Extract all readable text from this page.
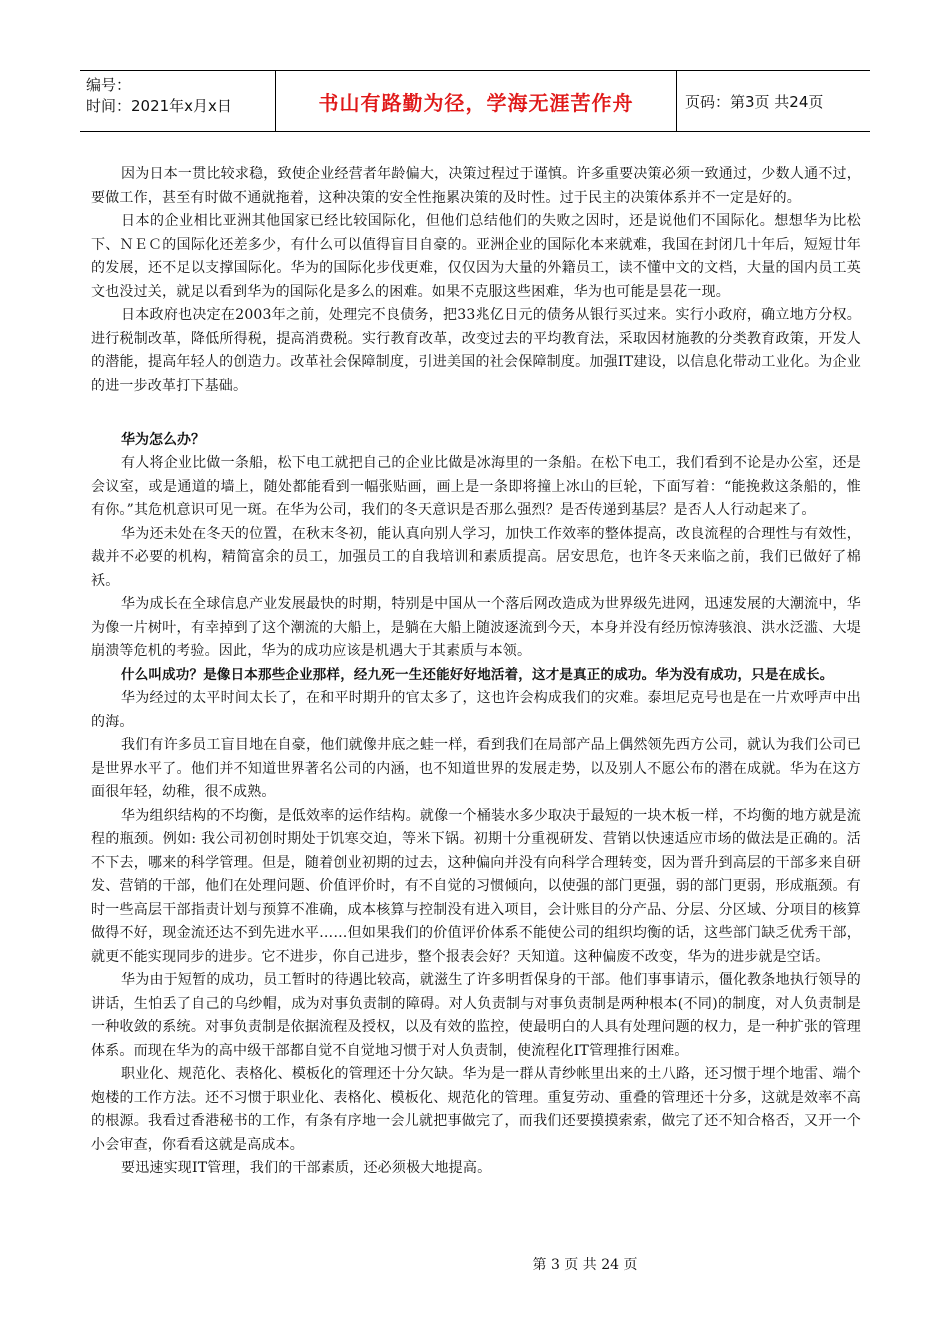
编号：
时间：2021年x月x日	书山有路勤为径，学海无涯苦作舟	页码：第3页 共24页

因为日本一贯比较求稳，致使企业经营者年龄偏大，决策过程过于谨慎。许多重要决策必须一致通过，少数人通不过，要做工作，甚至有时做不通就拖着，这种决策的安全性拖累决策的及时性。过于民主的决策体系并不一定是好的。

日本的企业相比亚洲其他国家已经比较国际化，但他们总结他们的失败之因时，还是说他们不国际化。想想华为比松下、ＮＥＣ的国际化还差多少，有什么可以值得盲目自豪的。亚洲企业的国际化本来就难，我国在封闭几十年后，短短廿年的发展，还不足以支撑国际化。华为的国际化步伐更难，仅仅因为大量的外籍员工，读不懂中文的文档，大量的国内员工英文也没过关，就足以看到华为的国际化是多么的困难。如果不克服这些困难，华为也可能是昙花一现。

日本政府也决定在2003年之前，处理完不良债务，把33兆亿日元的债务从银行买过来。实行小政府，确立地方分权。进行税制改革，降低所得税，提高消费税。实行教育改革，改变过去的平均教育法，采取因材施教的分类教育政策，开发人的潜能，提高年轻人的创造力。改革社会保障制度，引进美国的社会保障制度。加强IT建设，以信息化带动工业化。为企业的进一步改革打下基础。

华为怎么办？

有人将企业比做一条船，松下电工就把自己的企业比做是冰海里的一条船。在松下电工，我们看到不论是办公室，还是会议室，或是通道的墙上，随处都能看到一幅张贴画，画上是一条即将撞上冰山的巨轮，下面写着：“能挽救这条船的，惟有你。”其危机意识可见一斑。在华为公司，我们的冬天意识是否那么强烈？是否传递到基层？是否人人行动起来了。

华为还未处在冬天的位置，在秋末冬初，能认真向别人学习，加快工作效率的整体提高，改良流程的合理性与有效性，裁并不必要的机构，精简富余的员工，加强员工的自我培训和素质提高。居安思危，也许冬天来临之前，我们已做好了棉袄。

华为成长在全球信息产业发展最快的时期，特别是中国从一个落后网改造成为世界级先进网，迅速发展的大潮流中，华为像一片树叶，有幸掉到了这个潮流的大船上，是躺在大船上随波逐流到今天，本身并没有经历惊涛骇浪、洪水泛滥、大堤崩溃等危机的考验。因此，华为的成功应该是机遇大于其素质与本领。

什么叫成功？是像日本那些企业那样，经九死一生还能好好地活着，这才是真正的成功。华为没有成功，只是在成长。

华为经过的太平时间太长了，在和平时期升的官太多了，这也许会构成我们的灾难。泰坦尼克号也是在一片欢呼声中出的海。

我们有许多员工盲目地在自豪，他们就像井底之蛙一样，看到我们在局部产品上偶然领先西方公司，就认为我们公司已是世界水平了。他们并不知道世界著名公司的内涵，也不知道世界的发展走势，以及别人不愿公布的潜在成就。华为在这方面很年轻，幼稚，很不成熟。

华为组织结构的不均衡，是低效率的运作结构。就像一个桶装水多少取决于最短的一块木板一样，不均衡的地方就是流程的瓶颈。例如: 我公司初创时期处于饥寒交迫，等米下锅。初期十分重视研发、营销以快速适应市场的做法是正确的。活不下去，哪来的科学管理。但是，随着创业初期的过去，这种偏向并没有向科学合理转变，因为晋升到高层的干部多来自研发、营销的干部，他们在处理问题、价值评价时，有不自觉的习惯倾向，以使强的部门更强，弱的部门更弱，形成瓶颈。有时一些高层干部指责计划与预算不准确，成本核算与控制没有进入项目，会计账目的分产品、分层、分区域、分项目的核算做得不好，现金流还达不到先进水平……但如果我们的价值评价体系不能使公司的组织均衡的话，这些部门缺乏优秀干部，就更不能实现同步的进步。它不进步，你自己进步，整个报表会好？天知道。这种偏废不改变，华为的进步就是空话。

华为由于短暂的成功，员工暂时的待遇比较高，就滋生了许多明哲保身的干部。他们事事请示，僵化教条地执行领导的讲话，生怕丢了自己的乌纱帽，成为对事负责制的障碍。对人负责制与对事负责制是两种根本(不同)的制度，对人负责制是一种收敛的系统。对事负责制是依据流程及授权，以及有效的监控，使最明白的人具有处理问题的权力，是一种扩张的管理体系。而现在华为的高中级干部都自觉不自觉地习惯于对人负责制，使流程化IT管理推行困难。

职业化、规范化、表格化、模板化的管理还十分欠缺。华为是一群从青纱帐里出来的土八路，还习惯于埋个地雷、端个炮楼的工作方法。还不习惯于职业化、表格化、模板化、规范化的管理。重复劳动、重叠的管理还十分多，这就是效率不高的根源。我看过香港秘书的工作，有条有序地一会儿就把事做完了，而我们还要摸摸索索，做完了还不知合格否，又开一个小会审查，你看看这就是高成本。

要迅速实现IT管理，我们的干部素质，还必须极大地提高。

第 3 页 共 24 页
